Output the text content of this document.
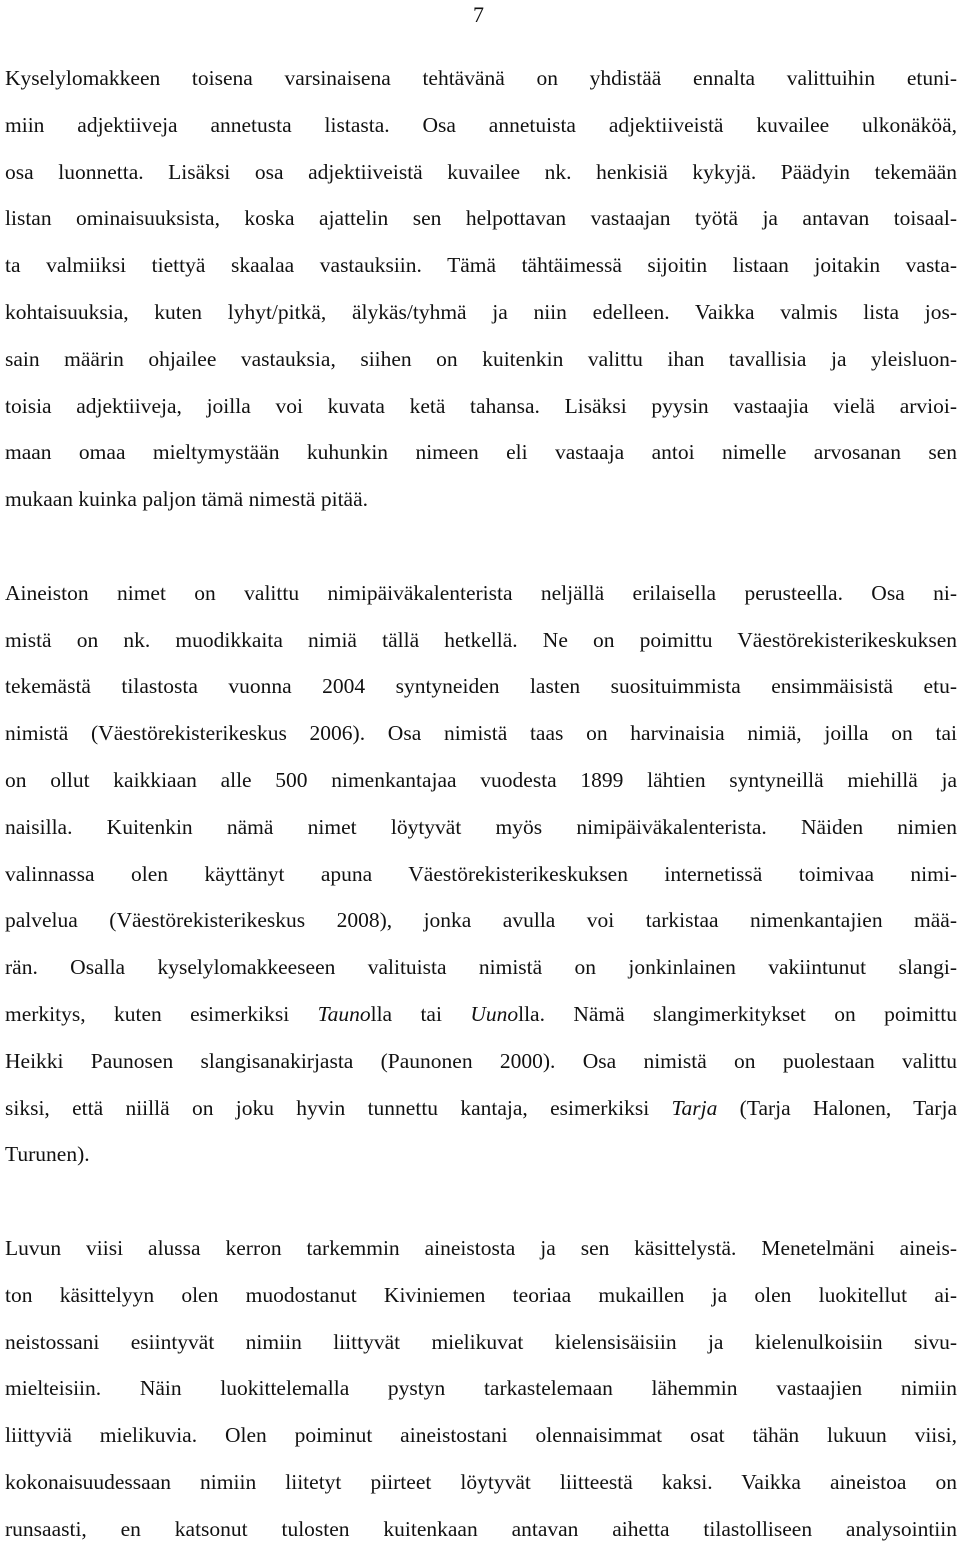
7

Kyselylomakkeen toisena varsinaisena tehtävänä on yhdistää ennalta valittuihin etuni-
miin adjektiiveja annetusta listasta. Osa annetuista adjektiiveistä kuvailee ulkonäköä,
osa luonnetta. Lisäksi osa adjektiiveistä kuvailee nk. henkisiä kykyjä. Päädyin tekemään
listan ominaisuuksista, koska ajattelin sen helpottavan vastaajan työtä ja antavan toisaal-
ta valmiiksi tiettyä skaalaa vastauksiin. Tämä tähtäimessä sijoitin listaan joitakin vasta-
kohtaisuuksia, kuten lyhyt/pitkä, älykäs/tyhmä ja niin edelleen. Vaikka valmis lista jos-
sain määrin ohjailee vastauksia, siihen on kuitenkin valittu ihan tavallisia ja yleisluon-
toisia adjektiiveja, joilla voi kuvata ketä tahansa. Lisäksi pyysin vastaajia vielä arvioi-
maan omaa mieltymystään kuhunkin nimeen eli vastaaja antoi nimelle arvosanan sen
mukaan kuinka paljon tämä nimestä pitää.

Aineiston nimet on valittu nimipäiväkalenterista neljällä erilaisella perusteella. Osa ni-
mistä on nk. muodikkaita nimiä tällä hetkellä. Ne on poimittu Väestörekisterikeskuksen
tekemästä tilastosta vuonna 2004 syntyneiden lasten suosituimmista ensimmäisistä etu-
nimistä (Väestörekisterikeskus 2006). Osa nimistä taas on harvinaisia nimiä, joilla on tai
on ollut kaikkiaan alle 500 nimenkantajaa vuodesta 1899 lähtien syntyneillä miehillä ja
naisilla. Kuitenkin nämä nimet löytyvät myös nimipäiväkalenterista. Näiden nimien
valinnassa olen käyttänyt apuna Väestörekisterikeskuksen internetissä toimivaa nimi-
palvelua (Väestörekisterikeskus 2008), jonka avulla voi tarkistaa nimenkantajien mää-
rän. Osalla kyselylomakkeeseen valituista nimistä on jonkinlainen vakiintunut slangi-
merkitys, kuten esimerkiksi Taunolla tai Uunolla. Nämä slangimerkitykset on poimittu
Heikki Paunosen slangisanakirjasta (Paunonen 2000). Osa nimistä on puolestaan valittu
siksi, että niillä on joku hyvin tunnettu kantaja, esimerkiksi Tarja (Tarja Halonen, Tarja
Turunen).

Luvun viisi alussa kerron tarkemmin aineistosta ja sen käsittelystä. Menetelmäni aineis-
ton käsittelyyn olen muodostanut Kiviniemen teoriaa mukaillen ja olen luokitellut ai-
neistossani esiintyvät nimiin liittyvät mielikuvat kielensisäisiin ja kielenulkoisiin sivu-
mielteisiin. Näin luokittelemalla pystyn tarkastelemaan lähemmin vastaajien nimiin
liittyviä mielikuvia. Olen poiminut aineistostani olennaisimmat osat tähän lukuun viisi,
kokonaisuudessaan nimiin liitetyt piirteet löytyvät liitteestä kaksi. Vaikka aineistoa on
runsaasti, en katsonut tulosten kuitenkaan antavan aihetta tilastolliseen analysointiin
